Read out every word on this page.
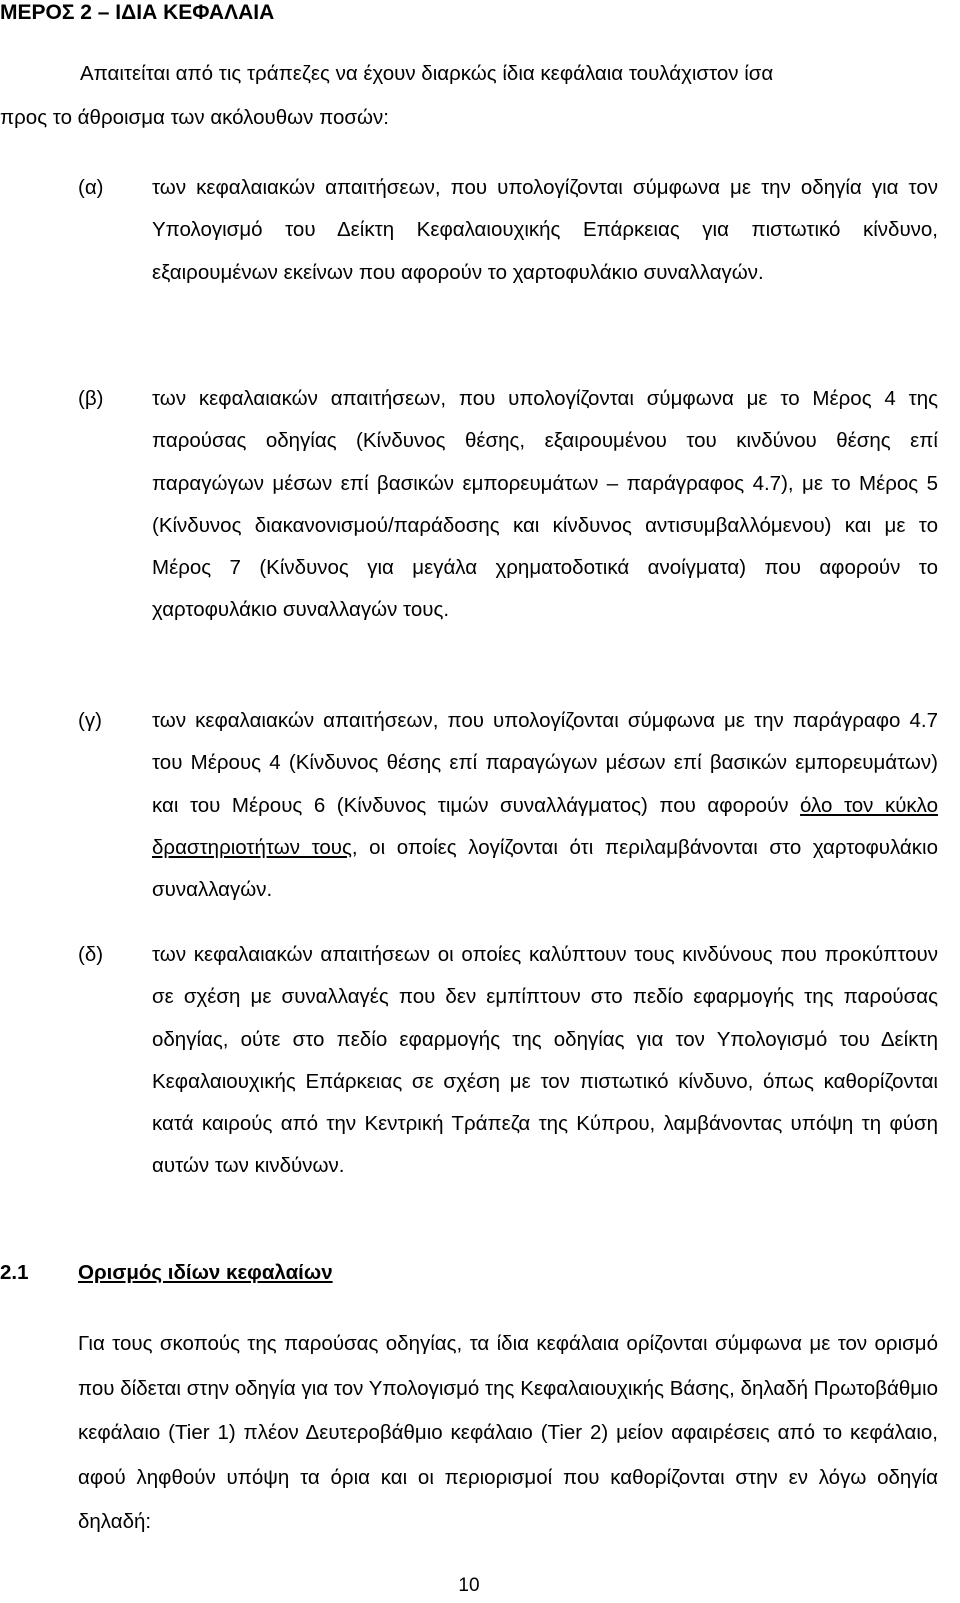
ΜΕΡΟΣ 2 – ΙΔΙΑ ΚΕΦΑΛΑΙΑ

Απαιτείται από τις τράπεζες να έχουν διαρκώς ίδια κεφάλαια τουλάχιστον ίσα
προς το άθροισμα των ακόλουθων ποσών:

(α) των κεφαλαιακών απαιτήσεων, που υπολογίζονται σύμφωνα με την οδηγία για τον Υπολογισμό του Δείκτη Κεφαλαιουχικής Επάρκειας για πιστωτικό κίνδυνο, εξαιρουμένων εκείνων που αφορούν το χαρτοφυλάκιο συναλλαγών.

(β) των κεφαλαιακών απαιτήσεων, που υπολογίζονται σύμφωνα με το Μέρος 4 της παρούσας οδηγίας (Κίνδυνος θέσης, εξαιρουμένου του κινδύνου θέσης επί παραγώγων μέσων επί βασικών εμπορευμάτων – παράγραφος 4.7), με το Μέρος 5 (Κίνδυνος διακανονισμού/παράδοσης και κίνδυνος αντισυμβαλλόμενου) και με το Μέρος 7 (Κίνδυνος για μεγάλα χρηματοδοτικά ανοίγματα) που αφορούν το χαρτοφυλάκιο συναλλαγών τους.

(γ) των κεφαλαιακών απαιτήσεων, που υπολογίζονται σύμφωνα με την παράγραφο 4.7 του Μέρους 4 (Κίνδυνος θέσης επί παραγώγων μέσων επί βασικών εμπορευμάτων) και του Μέρους 6 (Κίνδυνος τιμών συναλλάγματος) που αφορούν όλο τον κύκλο δραστηριοτήτων τους, οι οποίες λογίζονται ότι περιλαμβάνονται στο χαρτοφυλάκιο συναλλαγών.

(δ) των κεφαλαιακών απαιτήσεων οι οποίες καλύπτουν τους κινδύνους που προκύπτουν σε σχέση με συναλλαγές που δεν εμπίπτουν στο πεδίο εφαρμογής της παρούσας οδηγίας, ούτε στο πεδίο εφαρμογής της οδηγίας για τον Υπολογισμό του Δείκτη Κεφαλαιουχικής Επάρκειας σε σχέση με τον πιστωτικό κίνδυνο, όπως καθορίζονται κατά καιρούς από την Κεντρική Τράπεζα της Κύπρου, λαμβάνοντας υπόψη τη φύση αυτών των κινδύνων.

2.1 Ορισμός ιδίων κεφαλαίων

Για τους σκοπούς της παρούσας οδηγίας, τα ίδια κεφάλαια ορίζονται σύμφωνα με τον ορισμό που δίδεται στην οδηγία για τον Υπολογισμό της Κεφαλαιουχικής Βάσης, δηλαδή Πρωτοβάθμιο κεφάλαιο (Tier 1) πλέον Δευτεροβάθμιο κεφάλαιο (Tier 2) μείον αφαιρέσεις από το κεφάλαιο, αφού ληφθούν υπόψη τα όρια και οι περιορισμοί που καθορίζονται στην εν λόγω οδηγία δηλαδή:

10
